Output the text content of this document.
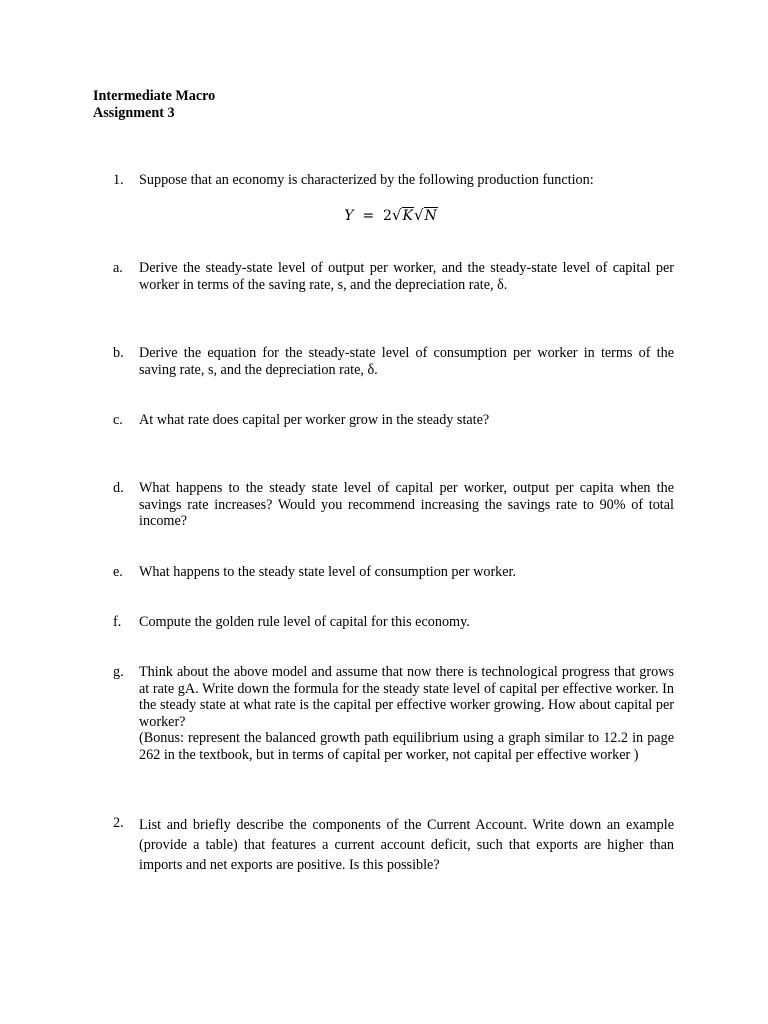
Intermediate Macro
Assignment 3
1.	Suppose that an economy is characterized by the following production function:

Y = 2√K√N
a.	Derive the steady-state level of output per worker, and the steady-state level of capital per worker in terms of the saving rate, s, and the depreciation rate, δ.

b.	Derive the equation for the steady-state level of consumption per worker in terms of the saving rate, s, and the depreciation rate, δ.

c.	At what rate does capital per worker grow in the steady state?

d.	What happens to the steady state level of capital per worker, output per capita when the savings rate increases? Would you recommend increasing the savings rate to 90% of total income?

e.	What happens to the steady state level of consumption per worker.

f.	Compute the golden rule level of capital for this economy.

g.	Think about the above model and assume that now there is technological progress that grows at rate gA. Write down the formula for the steady state level of capital per effective worker. In the steady state at what rate is the capital per effective worker growing. How about capital per worker?

(Bonus: represent the balanced growth path equilibrium using a graph similar to 12.2 in page 262 in the textbook, but in terms of capital per worker, not capital per effective worker )

2.	List and briefly describe the components of the Current Account. Write down an example (provide a table) that features a current account deficit, such that exports are higher than imports and net exports are positive. Is this possible?
